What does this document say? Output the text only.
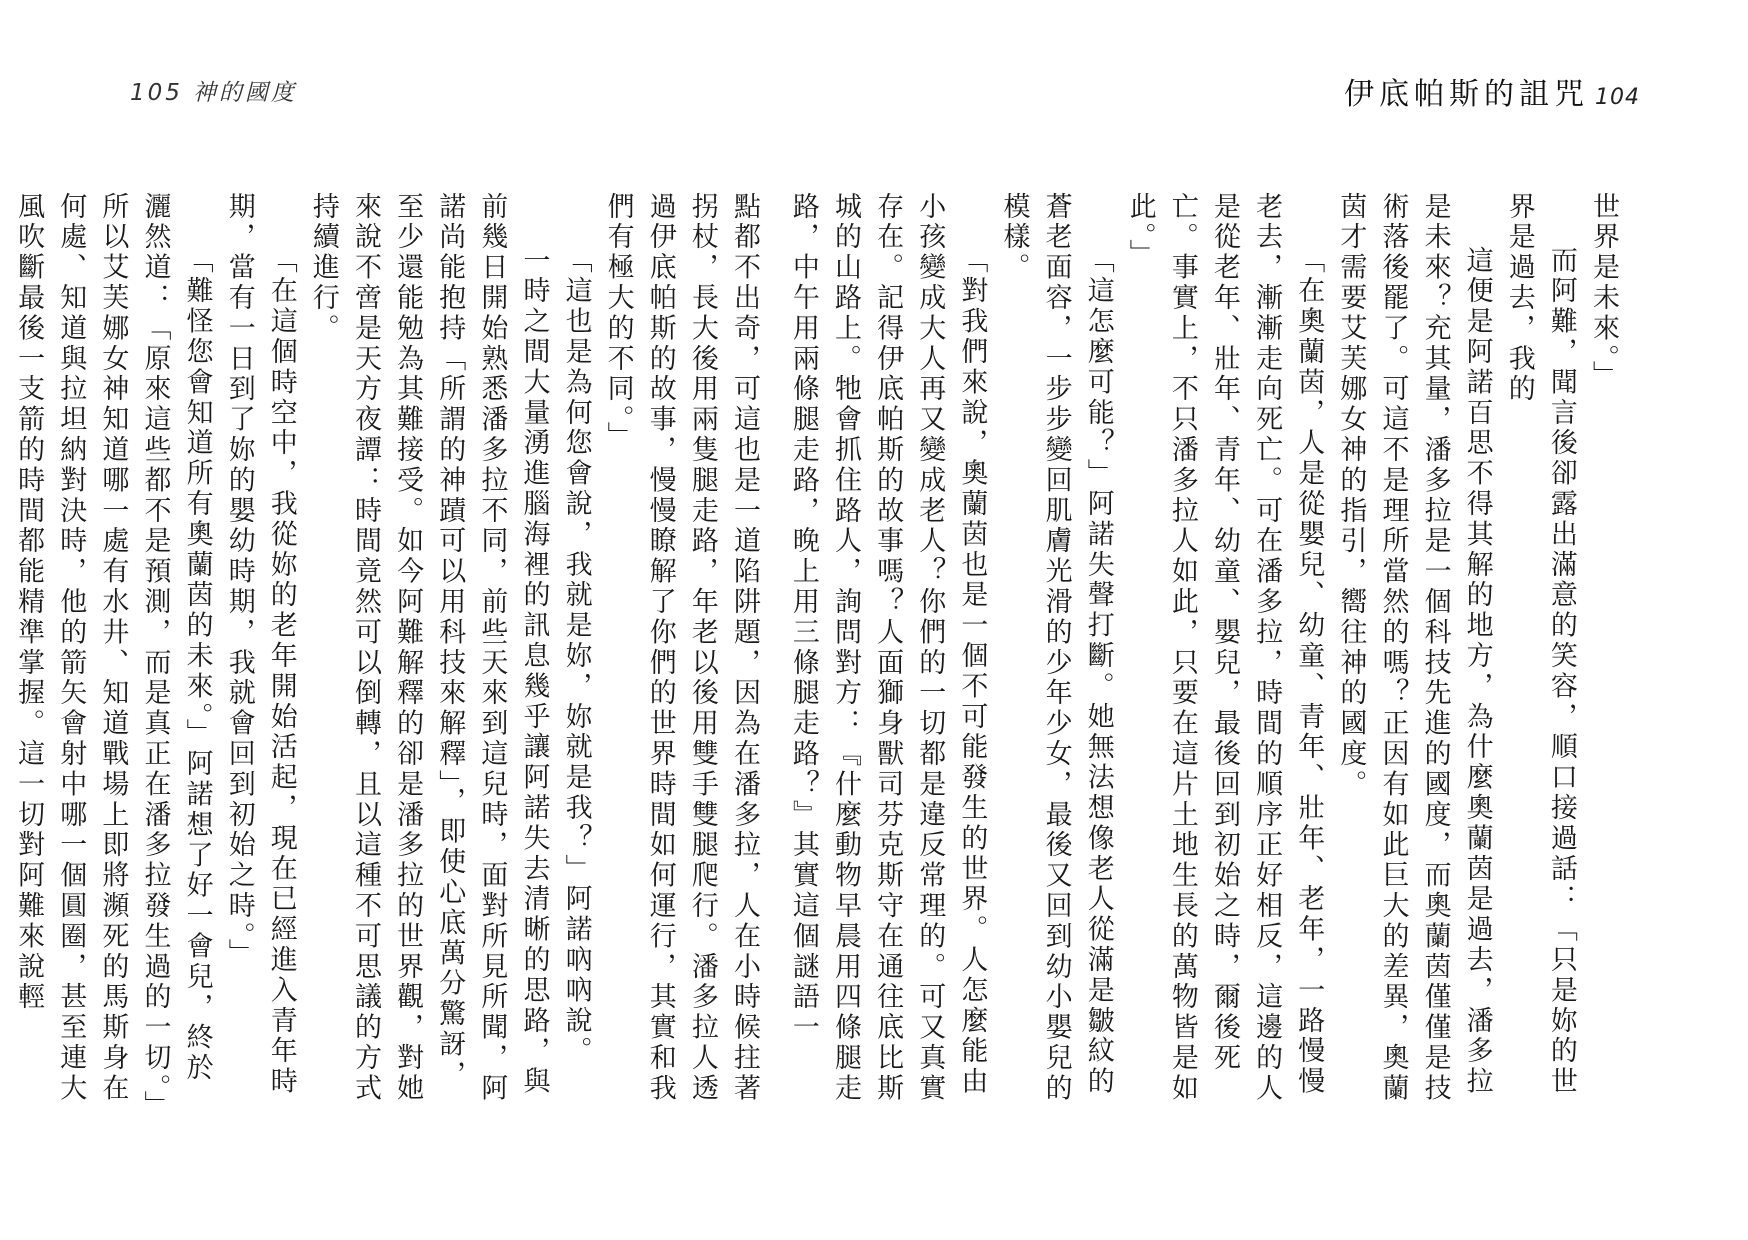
105 神的國度

點都不出奇，可這也是一道陷阱題，因為在潘多拉，人在小時候拄著拐杖，長大後用兩隻腿走路，年老以後用雙手雙腿爬行。潘多拉人透過伊底帕斯的故事，慢慢瞭解了你們的世界時間如何運行，其實和我們有極大的不同。」

「這也是為何您會說，我就是妳，妳就是我？」阿諾吶吶說。

一時之間大量湧進腦海裡的訊息幾乎讓阿諾失去清晰的思路，與前幾日開始熟悉潘多拉不同，前些天來到這兒時，面對所見所聞，阿諾尚能抱持「所謂的神蹟可以用科技來解釋」，即使心底萬分驚訝，至少還能勉為其難接受。如今阿難解釋的卻是潘多拉的世界觀，對她來說不啻是天方夜譚：時間竟然可以倒轉，且以這種不可思議的方式持續進行。

「在這個時空中，我從妳的老年開始活起，現在已經進入青年時期，當有一日到了妳的嬰幼時期，我就會回到初始之時。」

「難怪您會知道所有奧蘭茵的未來。」阿諾想了好一會兒，終於灑然道：「原來這些都不是預測，而是真正在潘多拉發生過的一切。」所以艾芙娜女神知道哪一處有水井、知道戰場上即將瀕死的馬斯身在何處、知道與拉坦納對決時，他的箭矢會射中哪一個圓圈，甚至連大風吹斷最後一支箭的時間都能精準掌握。這一切對阿難來說輕

伊底帕斯的詛咒 104

世界是未來。」

而阿難，聞言後卻露出滿意的笑容，順口接過話：「只是妳的世界是過去，我的

這便是阿諾百思不得其解的地方，為什麼奧蘭茵是過去，潘多拉是未來？充其量，潘多拉是一個科技先進的國度，而奧蘭茵僅僅是技術落後罷了。可這不是理所當然的嗎？正因有如此巨大的差異，奧蘭茵才需要艾芙娜女神的指引，嚮往神的國度。

「在奧蘭茵，人是從嬰兒、幼童、青年、壯年、老年，一路慢慢老去，漸漸走向死亡。可在潘多拉，時間的順序正好相反，這邊的人是從老年、壯年、青年、幼童、嬰兒，最後回到初始之時，爾後死亡。事實上，不只潘多拉人如此，只要在這片土地生長的萬物皆是如此。」

「這怎麼可能？」阿諾失聲打斷。她無法想像老人從滿是皺紋的蒼老面容，一步步變回肌膚光滑的少年少女，最後又回到幼小嬰兒的模樣。

「對我們來說，奧蘭茵也是一個不可能發生的世界。人怎麼能由小孩變成大人再又變成老人？你們的一切都是違反常理的。可又真實存在。記得伊底帕斯的故事嗎？人面獅身獸司芬克斯守在通往底比斯城的山路上。牠會抓住路人，詢問對方：『什麼動物早晨用四條腿走路，中午用兩條腿走路，晚上用三條腿走路？』其實這個謎語一
